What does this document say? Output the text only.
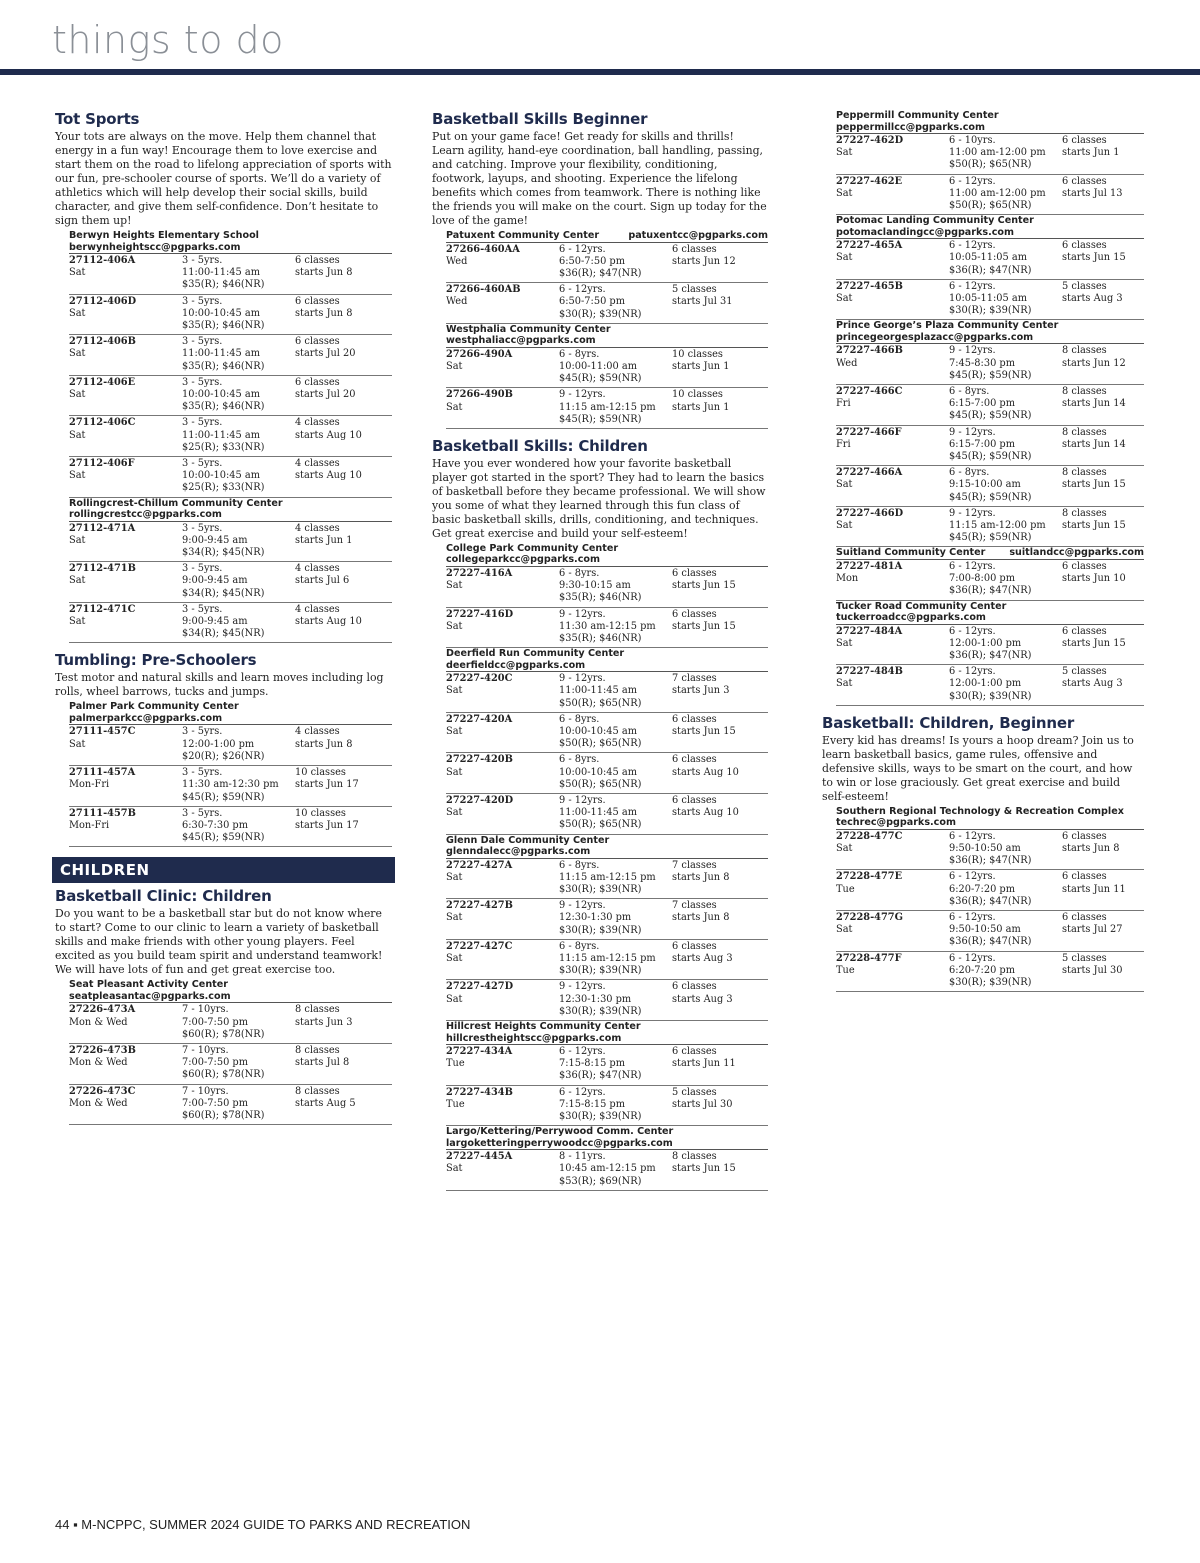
things to do
Tot Sports

Your tots are always on the move. Help them channel that energy in a fun way! Encourage them to love exercise and start them on the road to lifelong appreciation of sports with our fun, pre-schooler course of sports. We’ll do a variety of athletics which will help develop their social skills, build character, and give them self-confidence. Don’t hesitate to sign them up!

Berwyn Heights Elementary School
berwynheightscc@pgparks.com
27112-406A	3 - 5yrs.	6 classes
Sat	11:00-11:45 am	starts Jun 8
$35(R); $46(NR)
27112-406D	3 - 5yrs.	6 classes
Sat	10:00-10:45 am	starts Jun 8
$35(R); $46(NR)
27112-406B	3 - 5yrs.	6 classes
Sat	11:00-11:45 am	starts Jul 20
$35(R); $46(NR)
27112-406E	3 - 5yrs.	6 classes
Sat	10:00-10:45 am	starts Jul 20
$35(R); $46(NR)
27112-406C	3 - 5yrs.	4 classes
Sat	11:00-11:45 am	starts Aug 10
$25(R); $33(NR)
27112-406F	3 - 5yrs.	4 classes
Sat	10:00-10:45 am	starts Aug 10
$25(R); $33(NR)
Rollingcrest-Chillum Community Center
rollingcrestcc@pgparks.com
27112-471A	3 - 5yrs.	4 classes
Sat	9:00-9:45 am	starts Jun 1
$34(R); $45(NR)
27112-471B	3 - 5yrs.	4 classes
Sat	9:00-9:45 am	starts Jul 6
$34(R); $45(NR)
27112-471C	3 - 5yrs.	4 classes
Sat	9:00-9:45 am	starts Aug 10
$34(R); $45(NR)
Tumbling: Pre-Schoolers

Test motor and natural skills and learn moves including log rolls, wheel barrows, tucks and jumps.

Palmer Park Community Center
palmerparkcc@pgparks.com
27111-457C	3 - 5yrs.	4 classes
Sat	12:00-1:00 pm	starts Jun 8
$20(R); $26(NR)
27111-457A	3 - 5yrs.	10 classes
Mon-Fri	11:30 am-12:30 pm	starts Jun 17
$45(R); $59(NR)
27111-457B	3 - 5yrs.	10 classes
Mon-Fri	6:30-7:30 pm	starts Jun 17
$45(R); $59(NR)
CHILDREN
Basketball Clinic: Children

Do you want to be a basketball star but do not know where to start? Come to our clinic to learn a variety of basketball skills and make friends with other young players. Feel excited as you build team spirit and understand teamwork! We will have lots of fun and get great exercise too.

Seat Pleasant Activity Center
seatpleasantac@pgparks.com
27226-473A	7 - 10yrs.	8 classes
Mon & Wed	7:00-7:50 pm	starts Jun 3
$60(R); $78(NR)
27226-473B	7 - 10yrs.	8 classes
Mon & Wed	7:00-7:50 pm	starts Jul 8
$60(R); $78(NR)
27226-473C	7 - 10yrs.	8 classes
Mon & Wed	7:00-7:50 pm	starts Aug 5
$60(R); $78(NR)
Basketball Skills Beginner

Put on your game face! Get ready for skills and thrills! Learn agility, hand-eye coordination, ball handling, passing, and catching. Improve your flexibility, conditioning, footwork, layups, and shooting. Experience the lifelong benefits which comes from teamwork. There is nothing like the friends you will make on the court. Sign up today for the love of the game!

Patuxent Community Center	patuxentcc@pgparks.com
27266-460AA	6 - 12yrs.	6 classes
Wed	6:50-7:50 pm	starts Jun 12
$36(R); $47(NR)
27266-460AB	6 - 12yrs.	5 classes
Wed	6:50-7:50 pm	starts Jul 31
$30(R); $39(NR)
Westphalia Community Center
westphaliacc@pgparks.com
27266-490A	6 - 8yrs.	10 classes
Sat	10:00-11:00 am	starts Jun 1
$45(R); $59(NR)
27266-490B	9 - 12yrs.	10 classes
Sat	11:15 am-12:15 pm	starts Jun 1
$45(R); $59(NR)
Basketball Skills: Children

Have you ever wondered how your favorite basketball player got started in the sport? They had to learn the basics of basketball before they became professional. We will show you some of what they learned through this fun class of basic basketball skills, drills, conditioning, and techniques. Get great exercise and build your self-esteem!

College Park Community Center
collegeparkcc@pgparks.com
27227-416A	6 - 8yrs.	6 classes
Sat	9:30-10:15 am	starts Jun 15
$35(R); $46(NR)
27227-416D	9 - 12yrs.	6 classes
Sat	11:30 am-12:15 pm	starts Jun 15
$35(R); $46(NR)
Deerfield Run Community Center
deerfieldcc@pgparks.com
27227-420C	9 - 12yrs.	7 classes
Sat	11:00-11:45 am	starts Jun 3
$50(R); $65(NR)
27227-420A	6 - 8yrs.	6 classes
Sat	10:00-10:45 am	starts Jun 15
$50(R); $65(NR)
27227-420B	6 - 8yrs.	6 classes
Sat	10:00-10:45 am	starts Aug 10
$50(R); $65(NR)
27227-420D	9 - 12yrs.	6 classes
Sat	11:00-11:45 am	starts Aug 10
$50(R); $65(NR)
Glenn Dale Community Center
glenndalecc@pgparks.com
27227-427A	6 - 8yrs.	7 classes
Sat	11:15 am-12:15 pm	starts Jun 8
$30(R); $39(NR)
27227-427B	9 - 12yrs.	7 classes
Sat	12:30-1:30 pm	starts Jun 8
$30(R); $39(NR)
27227-427C	6 - 8yrs.	6 classes
Sat	11:15 am-12:15 pm	starts Aug 3
$30(R); $39(NR)
27227-427D	9 - 12yrs.	6 classes
Sat	12:30-1:30 pm	starts Aug 3
$30(R); $39(NR)
Hillcrest Heights Community Center
hillcrestheightscc@pgparks.com
27227-434A	6 - 12yrs.	6 classes
Tue	7:15-8:15 pm	starts Jun 11
$36(R); $47(NR)
27227-434B	6 - 12yrs.	5 classes
Tue	7:15-8:15 pm	starts Jul 30
$30(R); $39(NR)
Largo/Kettering/Perrywood Comm. Center
largoketteringperrywoodcc@pgparks.com
27227-445A	8 - 11yrs.	8 classes
Sat	10:45 am-12:15 pm	starts Jun 15
$53(R); $69(NR)
Peppermill Community Center
peppermillcc@pgparks.com
27227-462D	6 - 10yrs.	6 classes
Sat	11:00 am-12:00 pm	starts Jun 1
$50(R); $65(NR)
27227-462E	6 - 12yrs.	6 classes
Sat	11:00 am-12:00 pm	starts Jul 13
$50(R); $65(NR)
Potomac Landing Community Center
potomaclandingcc@pgparks.com
27227-465A	6 - 12yrs.	6 classes
Sat	10:05-11:05 am	starts Jun 15
$36(R); $47(NR)
27227-465B	6 - 12yrs.	5 classes
Sat	10:05-11:05 am	starts Aug 3
$30(R); $39(NR)
Prince George’s Plaza Community Center
princegeorgesplazacc@pgparks.com
27227-466B	9 - 12yrs.	8 classes
Wed	7:45-8:30 pm	starts Jun 12
$45(R); $59(NR)
27227-466C	6 - 8yrs.	8 classes
Fri	6:15-7:00 pm	starts Jun 14
$45(R); $59(NR)
27227-466F	9 - 12yrs.	8 classes
Fri	6:15-7:00 pm	starts Jun 14
$45(R); $59(NR)
27227-466A	6 - 8yrs.	8 classes
Sat	9:15-10:00 am	starts Jun 15
$45(R); $59(NR)
27227-466D	9 - 12yrs.	8 classes
Sat	11:15 am-12:00 pm	starts Jun 15
$45(R); $59(NR)
Suitland Community Center suitlandcc@pgparks.com
27227-481A	6 - 12yrs.	6 classes
Mon	7:00-8:00 pm	starts Jun 10
$36(R); $47(NR)
Tucker Road Community Center
tuckerroadcc@pgparks.com
27227-484A	6 - 12yrs.	6 classes
Sat	12:00-1:00 pm	starts Jun 15
$36(R); $47(NR)
27227-484B	6 - 12yrs.	5 classes
Sat	12:00-1:00 pm	starts Aug 3
$30(R); $39(NR)
Basketball: Children, Beginner

Every kid has dreams! Is yours a hoop dream? Join us to learn basketball basics, game rules, offensive and defensive skills, ways to be smart on the court, and how to win or lose graciously. Get great exercise and build self-esteem!

Southern Regional Technology & Recreation Complex
techrec@pgparks.com
27228-477C	6 - 12yrs.	6 classes
Sat	9:50-10:50 am	starts Jun 8
$36(R); $47(NR)
27228-477E	6 - 12yrs.	6 classes
Tue	6:20-7:20 pm	starts Jun 11
$36(R); $47(NR)
27228-477G	6 - 12yrs.	6 classes
Sat	9:50-10:50 am	starts Jul 27
$36(R); $47(NR)
27228-477F	6 - 12yrs.	5 classes
Tue	6:20-7:20 pm	starts Jul 30
$30(R); $39(NR)
44 ▪ M-NCPPC, SUMMER 2024 GUIDE TO PARKS AND RECREATION
